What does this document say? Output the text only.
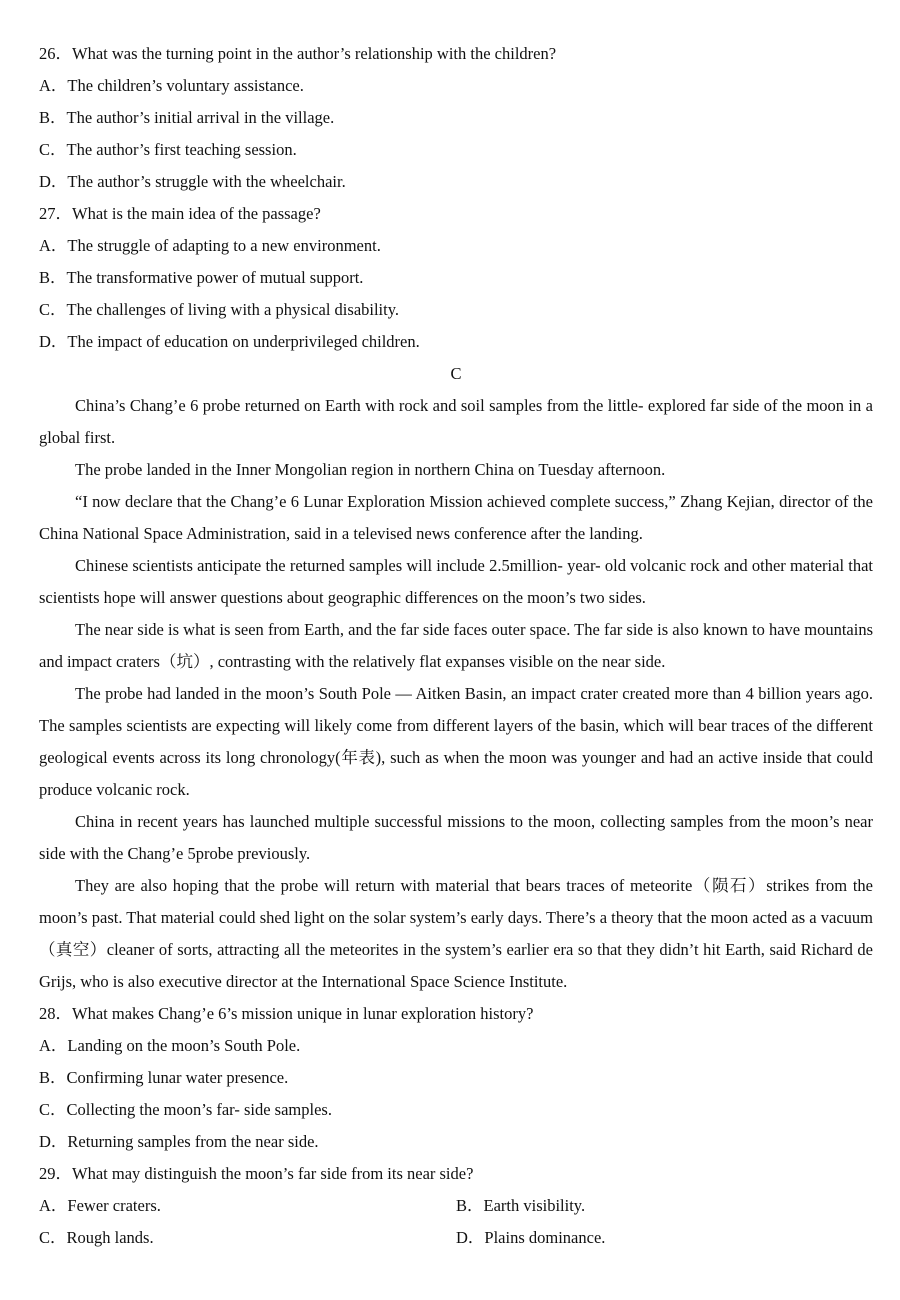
26．What was the turning point in the author’s relationship with the children?
A．The children’s voluntary assistance.
B．The author’s initial arrival in the village.
C．The author’s first teaching session.
D．The author’s struggle with the wheelchair.
27．What is the main idea of the passage?
A．The struggle of adapting to a new environment.
B．The transformative power of mutual support.
C．The challenges of living with a physical disability.
D．The impact of education on underprivileged children.
C
China’s Chang’e 6 probe returned on Earth with rock and soil samples from the little- explored far side of the moon in a global first.
The probe landed in the Inner Mongolian region in northern China on Tuesday afternoon.
“I now declare that the Chang’e 6 Lunar Exploration Mission achieved complete success,” Zhang Kejian, director of the China National Space Administration, said in a televised news conference after the landing.
Chinese scientists anticipate the returned samples will include 2.5million- year- old volcanic rock and other material that scientists hope will answer questions about geographic differences on the moon’s two sides.
The near side is what is seen from Earth, and the far side faces outer space. The far side is also known to have mountains and impact craters（坑）, contrasting with the relatively flat expanses visible on the near side.
The probe had landed in the moon’s South Pole — Aitken Basin, an impact crater created more than 4 billion years ago. The samples scientists are expecting will likely come from different layers of the basin, which will bear traces of the different geological events across its long chronology(年表), such as when the moon was younger and had an active inside that could produce volcanic rock.
China in recent years has launched multiple successful missions to the moon, collecting samples from the moon’s near side with the Chang’e 5probe previously.
They are also hoping that the probe will return with material that bears traces of meteorite（陨石）strikes from the moon’s past. That material could shed light on the solar system’s early days. There’s a theory that the moon acted as a vacuum（真空）cleaner of sorts, attracting all the meteorites in the system’s earlier era so that they didn’t hit Earth, said Richard de Grijs, who is also executive director at the International Space Science Institute.
28．What makes Chang’e 6’s mission unique in lunar exploration history?
A．Landing on the moon’s South Pole.
B．Confirming lunar water presence.
C．Collecting the moon’s far- side samples.
D．Returning samples from the near side.
29．What may distinguish the moon’s far side from its near side?
A．Fewer craters.	B．Earth visibility.
C．Rough lands.	D．Plains dominance.
